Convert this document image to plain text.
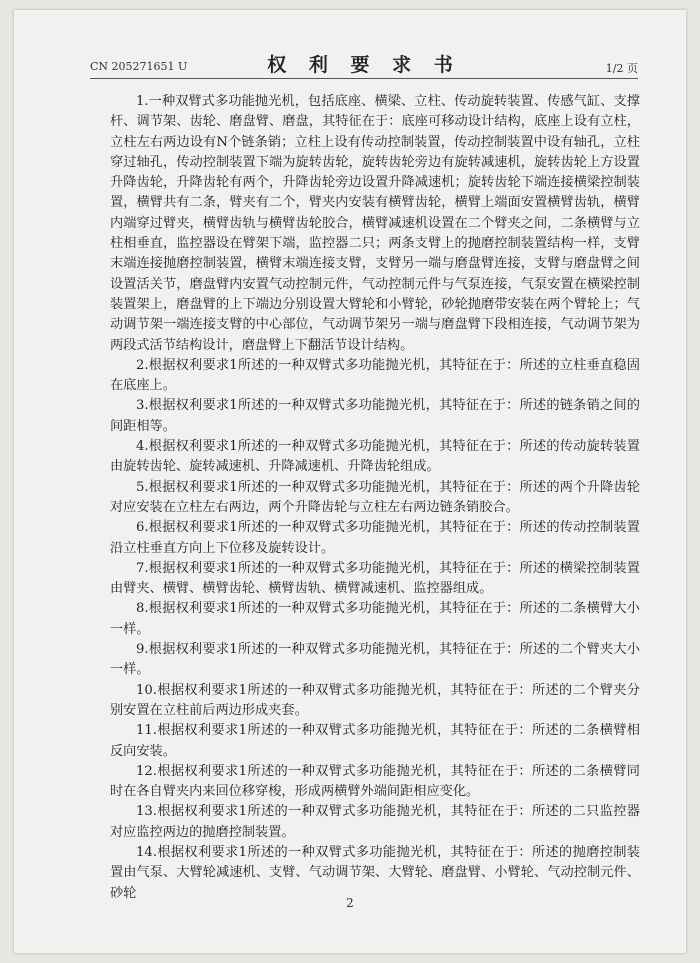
CN 205271651 U	权 利 要 求 书	1/2 页

1.一种双臂式多功能抛光机，包括底座、横梁、立柱、传动旋转装置、传感气缸、支撑杆、调节架、齿轮、磨盘臂、磨盘，其特征在于：底座可移动设计结构，底座上设有立柱，立柱左右两边设有N个链条销；立柱上设有传动控制装置，传动控制装置中设有轴孔，立柱穿过轴孔，传动控制装置下端为旋转齿轮，旋转齿轮旁边有旋转减速机，旋转齿轮上方设置升降齿轮，升降齿轮有两个，升降齿轮旁边设置升降减速机；旋转齿轮下端连接横梁控制装置，横臂共有二条，臂夹有二个，臂夹内安装有横臂齿轮，横臂上端面安置横臂齿轨，横臂内端穿过臂夹，横臂齿轨与横臂齿轮胶合，横臂减速机设置在二个臂夹之间，二条横臂与立柱相垂直，监控器设在臂架下端，监控器二只；两条支臂上的抛磨控制装置结构一样，支臂末端连接抛磨控制装置，横臂末端连接支臂，支臂另一端与磨盘臂连接，支臂与磨盘臂之间设置活关节，磨盘臂内安置气动控制元件，气动控制元件与气泵连接，气泵安置在横梁控制装置架上，磨盘臂的上下端边分别设置大臂轮和小臂轮，砂轮抛磨带安装在两个臂轮上；气动调节架一端连接支臂的中心部位，气动调节架另一端与磨盘臂下段相连接，气动调节架为两段式活节结构设计，磨盘臂上下翻活节设计结构。

2.根据权利要求1所述的一种双臂式多功能抛光机，其特征在于：所述的立柱垂直稳固在底座上。

3.根据权利要求1所述的一种双臂式多功能抛光机，其特征在于：所述的链条销之间的间距相等。

4.根据权利要求1所述的一种双臂式多功能抛光机，其特征在于：所述的传动旋转装置由旋转齿轮、旋转减速机、升降减速机、升降齿轮组成。

5.根据权利要求1所述的一种双臂式多功能抛光机，其特征在于：所述的两个升降齿轮对应安装在立柱左右两边，两个升降齿轮与立柱左右两边链条销胶合。

6.根据权利要求1所述的一种双臂式多功能抛光机，其特征在于：所述的传动控制装置沿立柱垂直方向上下位移及旋转设计。

7.根据权利要求1所述的一种双臂式多功能抛光机，其特征在于：所述的横梁控制装置由臂夹、横臂、横臂齿轮、横臂齿轨、横臂减速机、监控器组成。

8.根据权利要求1所述的一种双臂式多功能抛光机，其特征在于：所述的二条横臂大小一样。

9.根据权利要求1所述的一种双臂式多功能抛光机，其特征在于：所述的二个臂夹大小一样。

10.根据权利要求1所述的一种双臂式多功能抛光机，其特征在于：所述的二个臂夹分别安置在立柱前后两边形成夹套。

11.根据权利要求1所述的一种双臂式多功能抛光机，其特征在于：所述的二条横臂相反向安装。

12.根据权利要求1所述的一种双臂式多功能抛光机，其特征在于：所述的二条横臂同时在各自臂夹内来回位移穿梭，形成两横臂外端间距相应变化。

13.根据权利要求1所述的一种双臂式多功能抛光机，其特征在于：所述的二只监控器对应监控两边的抛磨控制装置。

14.根据权利要求1所述的一种双臂式多功能抛光机，其特征在于：所述的抛磨控制装置由气泵、大臂轮减速机、支臂、气动调节架、大臂轮、磨盘臂、小臂轮、气动控制元件、砂轮

2
